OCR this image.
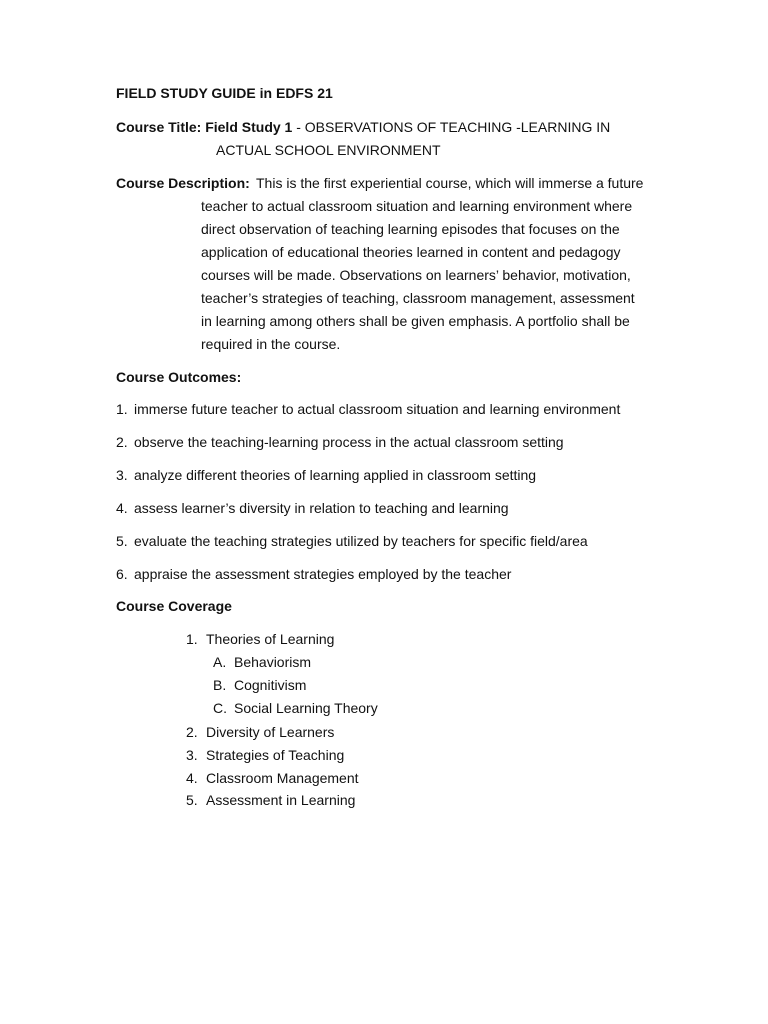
FIELD STUDY GUIDE in EDFS 21
Course Title: Field Study 1 - OBSERVATIONS OF TEACHING -LEARNING IN
ACTUAL SCHOOL ENVIRONMENT
Course Description: This is the first experiential course, which will immerse a future
teacher to actual classroom situation and learning environment where
direct observation of teaching learning episodes that focuses on the
application of educational theories learned in content and pedagogy
courses will be made. Observations on learners’ behavior, motivation,
teacher’s strategies of teaching, classroom management, assessment
in learning among others shall be given emphasis. A portfolio shall be
required in the course.
Course Outcomes:
1. immerse future teacher to actual classroom situation and learning environment
2. observe the teaching-learning process in the actual classroom setting
3. analyze different theories of learning applied in classroom setting
4. assess learner’s diversity in relation to teaching and learning
5. evaluate the teaching strategies utilized by teachers for specific field/area
6. appraise the assessment strategies employed by the teacher
Course Coverage
1. Theories of Learning
A. Behaviorism
B. Cognitivism
C. Social Learning Theory
2. Diversity of Learners
3. Strategies of Teaching
4. Classroom Management
5. Assessment in Learning
